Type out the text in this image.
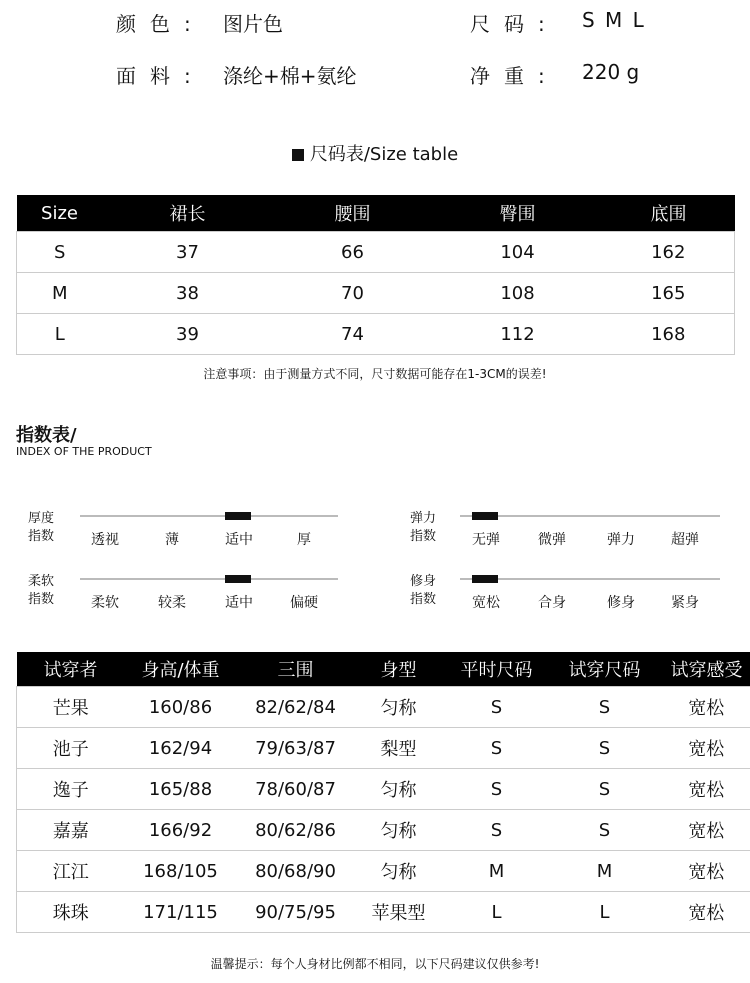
颜色: 图片色	尺码: S M L
面料: 涤纶+棉+氨纶	净重: 220 g
尺码表/Size table
Size	裙长	腰围	臀围	底围
S	37	66	104	162
M	38	70	108	165
L	39	74	112	168
注意事项：由于测量方式不同，尺寸数据可能存在1-3CM的误差!
指数表/
INDEX OF THE PRODUCT
厚度
指数	透视	薄	适中	厚
弹力
指数	无弹	微弹	弹力	超弹
柔软
指数	柔软	较柔	适中	偏硬
修身
指数	宽松	合身	修身	紧身
试穿者	身高/体重	三围	身型	平时尺码	试穿尺码	试穿感受
芒果	160/86	82/62/84	匀称	S	S	宽松
池子	162/94	79/63/87	梨型	S	S	宽松
逸子	165/88	78/60/87	匀称	S	S	宽松
嘉嘉	166/92	80/62/86	匀称	S	S	宽松
江江	168/105	80/68/90	匀称	M	M	宽松
珠珠	171/115	90/75/95	苹果型	L	L	宽松
温馨提示：每个人身材比例都不相同，以下尺码建议仅供参考!
